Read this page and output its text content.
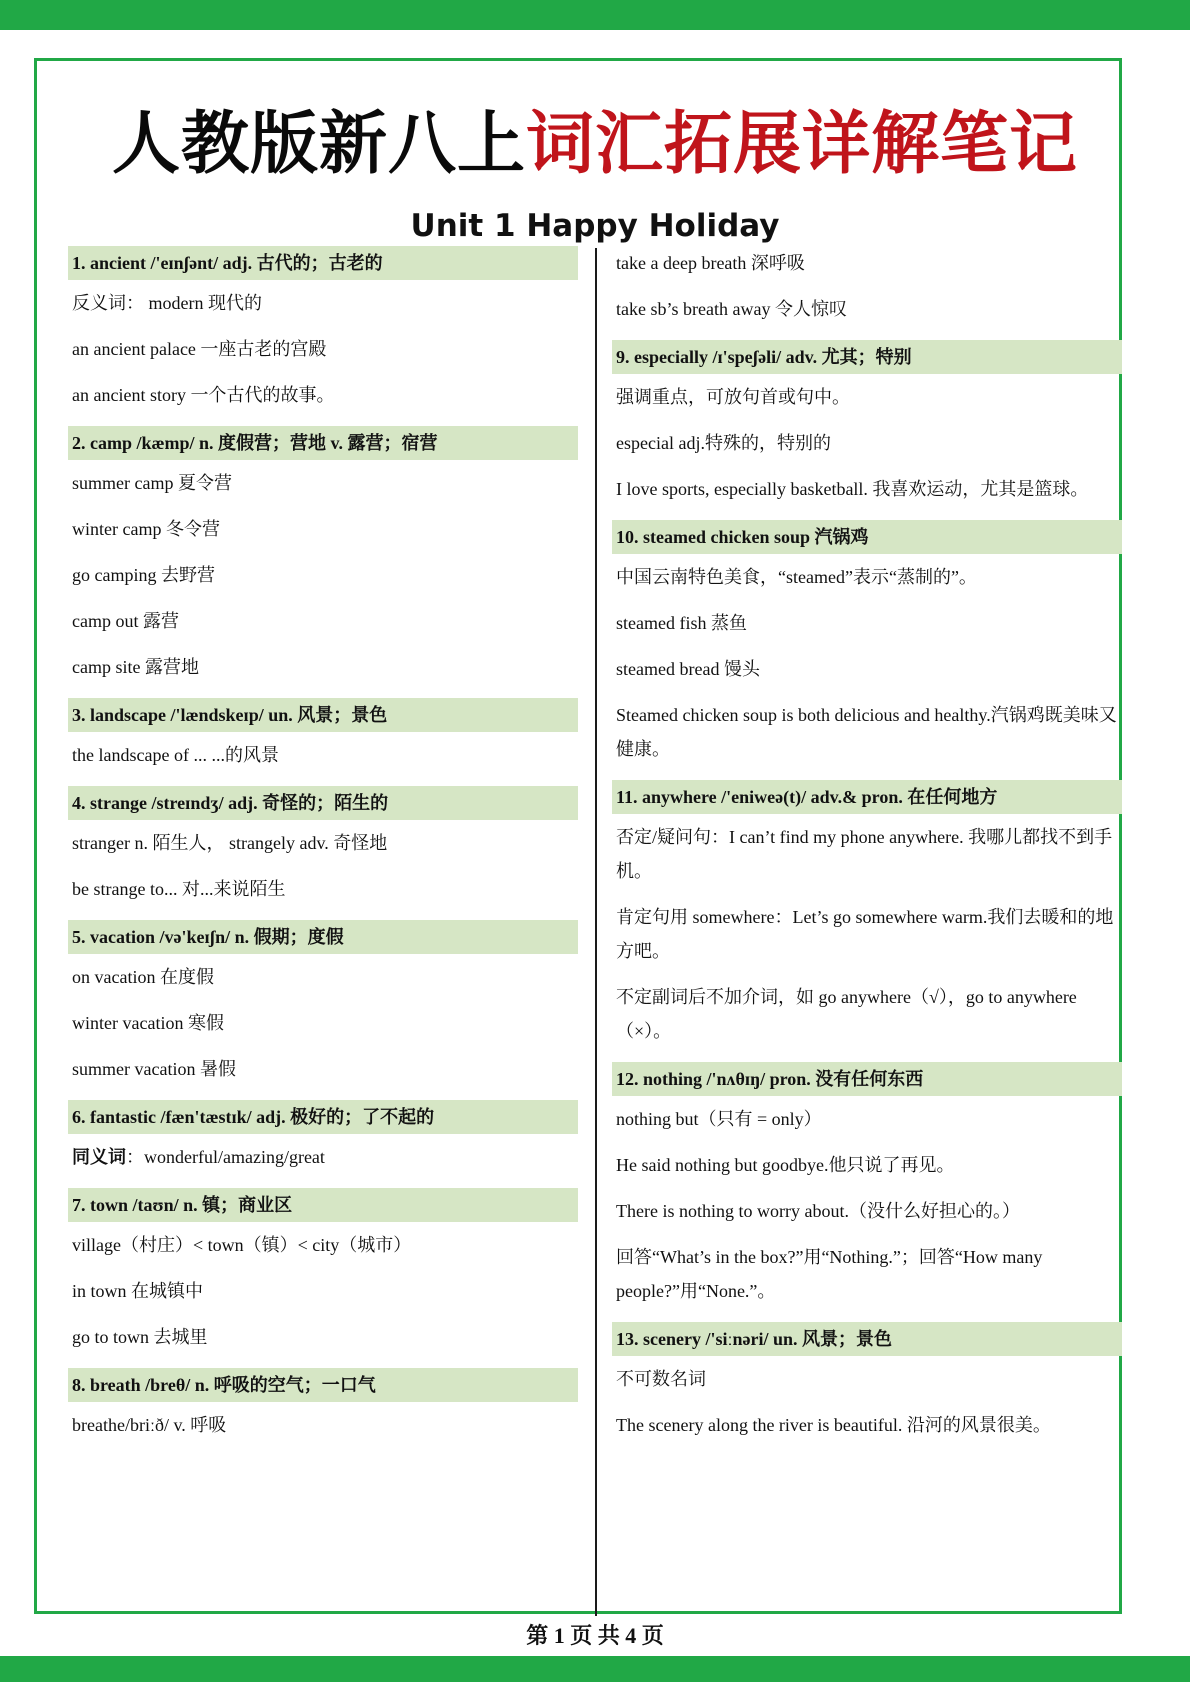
人教版新八上词汇拓展详解笔记
Unit 1 Happy Holiday
1. ancient /'eɪnʃənt/ adj. 古代的；古老的
反义词： modern 现代的
an ancient palace 一座古老的宫殿
an ancient story 一个古代的故事。
2. camp /kæmp/ n. 度假营；营地 v. 露营；宿营
summer camp 夏令营
winter camp 冬令营
go camping 去野营
camp out 露营
camp site 露营地
3. landscape /'lændskeɪp/ un. 风景；景色
the landscape of ... ...的风景
4. strange /streɪndʒ/ adj. 奇怪的；陌生的
stranger n. 陌生人， strangely adv. 奇怪地
be strange to... 对...来说陌生
5. vacation /və'keɪʃn/ n. 假期；度假
on vacation 在度假
winter vacation 寒假
summer vacation 暑假
6. fantastic /fæn'tæstɪk/ adj. 极好的；了不起的
同义词：wonderful/amazing/great
7. town /taʊn/ n. 镇；商业区
village（村庄）< town（镇）< city（城市）
in town 在城镇中
go to town 去城里
8. breath /breθ/ n. 呼吸的空气；一口气
breathe/briːð/ v. 呼吸
take a deep breath 深呼吸
take sb’s breath away 令人惊叹
9. especially /ɪ'speʃəli/ adv. 尤其；特别
强调重点，可放句首或句中。
especial adj.特殊的，特别的
I love sports, especially basketball. 我喜欢运动，尤其是篮球。
10. steamed chicken soup 汽锅鸡
中国云南特色美食，“steamed”表示“蒸制的”。
steamed fish 蒸鱼
steamed bread 馒头
Steamed chicken soup is both delicious and healthy.汽锅鸡既美味又健康。
11. anywhere /'eniweə(t)/ adv.& pron. 在任何地方
否定/疑问句：I can’t find my phone anywhere. 我哪儿都找不到手机。
肯定句用 somewhere：Let’s go somewhere warm.我们去暖和的地方吧。
不定副词后不加介词，如 go anywhere（√），go to anywhere（×）。
12. nothing /'nʌθɪŋ/ pron. 没有任何东西
nothing but（只有 = only）
He said nothing but goodbye.他只说了再见。
There is nothing to worry about.（没什么好担心的。）
回答“What’s in the box?”用“Nothing.”；回答“How many people?”用“None.”。
13. scenery /'siːnəri/ un. 风景；景色
不可数名词
The scenery along the river is beautiful. 沿河的风景很美。
第 1 页 共 4 页
